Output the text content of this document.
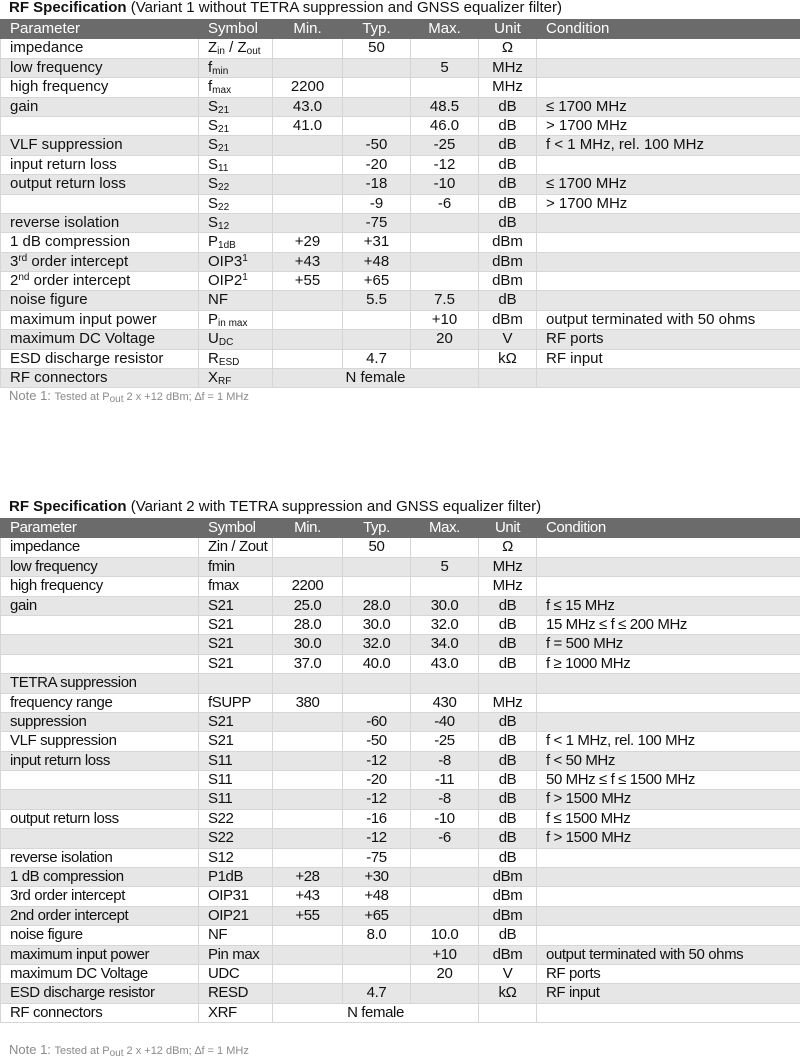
RF Specification (Variant 1 without TETRA suppression and GNSS equalizer filter)
Parameter	Symbol	Min.	Typ.	Max.	Unit	Condition
impedance	$Z_{in} / Z_{out}$		50		Ω	
low frequency	$f_{min}$			5	MHz	
high frequency	$f_{max}$	2200			MHz	
gain	$S_{21}$	43.0		48.5	dB	≤ 1700 MHz
	$S_{21}$	41.0		46.0	dB	> 1700 MHz
VLF suppression	$S_{21}$		-50	-25	dB	f < 1 MHz, rel. 100 MHz
input return loss	$S_{11}$		-20	-12	dB	
output return loss	$S_{22}$		-18	-10	dB	≤ 1700 MHz
	$S_{22}$		-9	-6	dB	> 1700 MHz
reverse isolation	$S_{12}$		-75		dB	
1 dB compression	$P_{1dB}$	+29	+31		dBm	
3rd order intercept	$OIP3^1$	+43	+48		dBm	
2nd order intercept	$OIP2^1$	+55	+65		dBm	
noise figure	NF		5.5	7.5	dB	
maximum input power	$P_{in max}$			+10	dBm	output terminated with 50 ohms
maximum DC Voltage	$U_{DC}$			20	V	RF ports
ESD discharge resistor	$R_{ESD}$		4.7		kΩ	RF input
RF connectors	$X_{RF}$	N female				
Note 1: Tested at $P_{out}$ 2 x +12 dBm; ∆f = 1 MHz
RF Specification (Variant 2 with TETRA suppression and GNSS equalizer filter)
Parameter	Symbol	Min.	Typ.	Max.	Unit	Condition
impedance	Zin / Zout		50		Ω	
low frequency	fmin			5	MHz	
high frequency	fmax	2200			MHz	
gain	S21	25.0	28.0	30.0	dB	f ≤ 15 MHz
	S21	28.0	30.0	32.0	dB	15 MHz ≤ f ≤ 200 MHz
	S21	30.0	32.0	34.0	dB	f = 500 MHz
	S21	37.0	40.0	43.0	dB	f ≥ 1000 MHz
TETRA suppression						
frequency range	fSUPP	380		430	MHz	
suppression	S21		-60	-40	dB	
VLF suppression	S21		-50	-25	dB	f < 1 MHz, rel. 100 MHz
input return loss	S11		-12	-8	dB	f < 50 MHz
	S11		-20	-11	dB	50 MHz ≤ f ≤ 1500 MHz
	S11		-12	-8	dB	f > 1500 MHz
output return loss	S22		-16	-10	dB	f ≤ 1500 MHz
	S22		-12	-6	dB	f > 1500 MHz
reverse isolation	S12		-75		dB	
1 dB compression	P1dB	+28	+30		dBm	
3rd order intercept	OIP31	+43	+48		dBm	
2nd order intercept	OIP21	+55	+65		dBm	
noise figure	NF		8.0	10.0	dB	
maximum input power	Pin max			+10	dBm	output terminated with 50 ohms
maximum DC Voltage	UDC			20	V	RF ports
ESD discharge resistor	RESD		4.7		kΩ	RF input
RF connectors	XRF	N female				
Note 1: Tested at $P_{out}$ 2 x +12 dBm; ∆f = 1 MHz
